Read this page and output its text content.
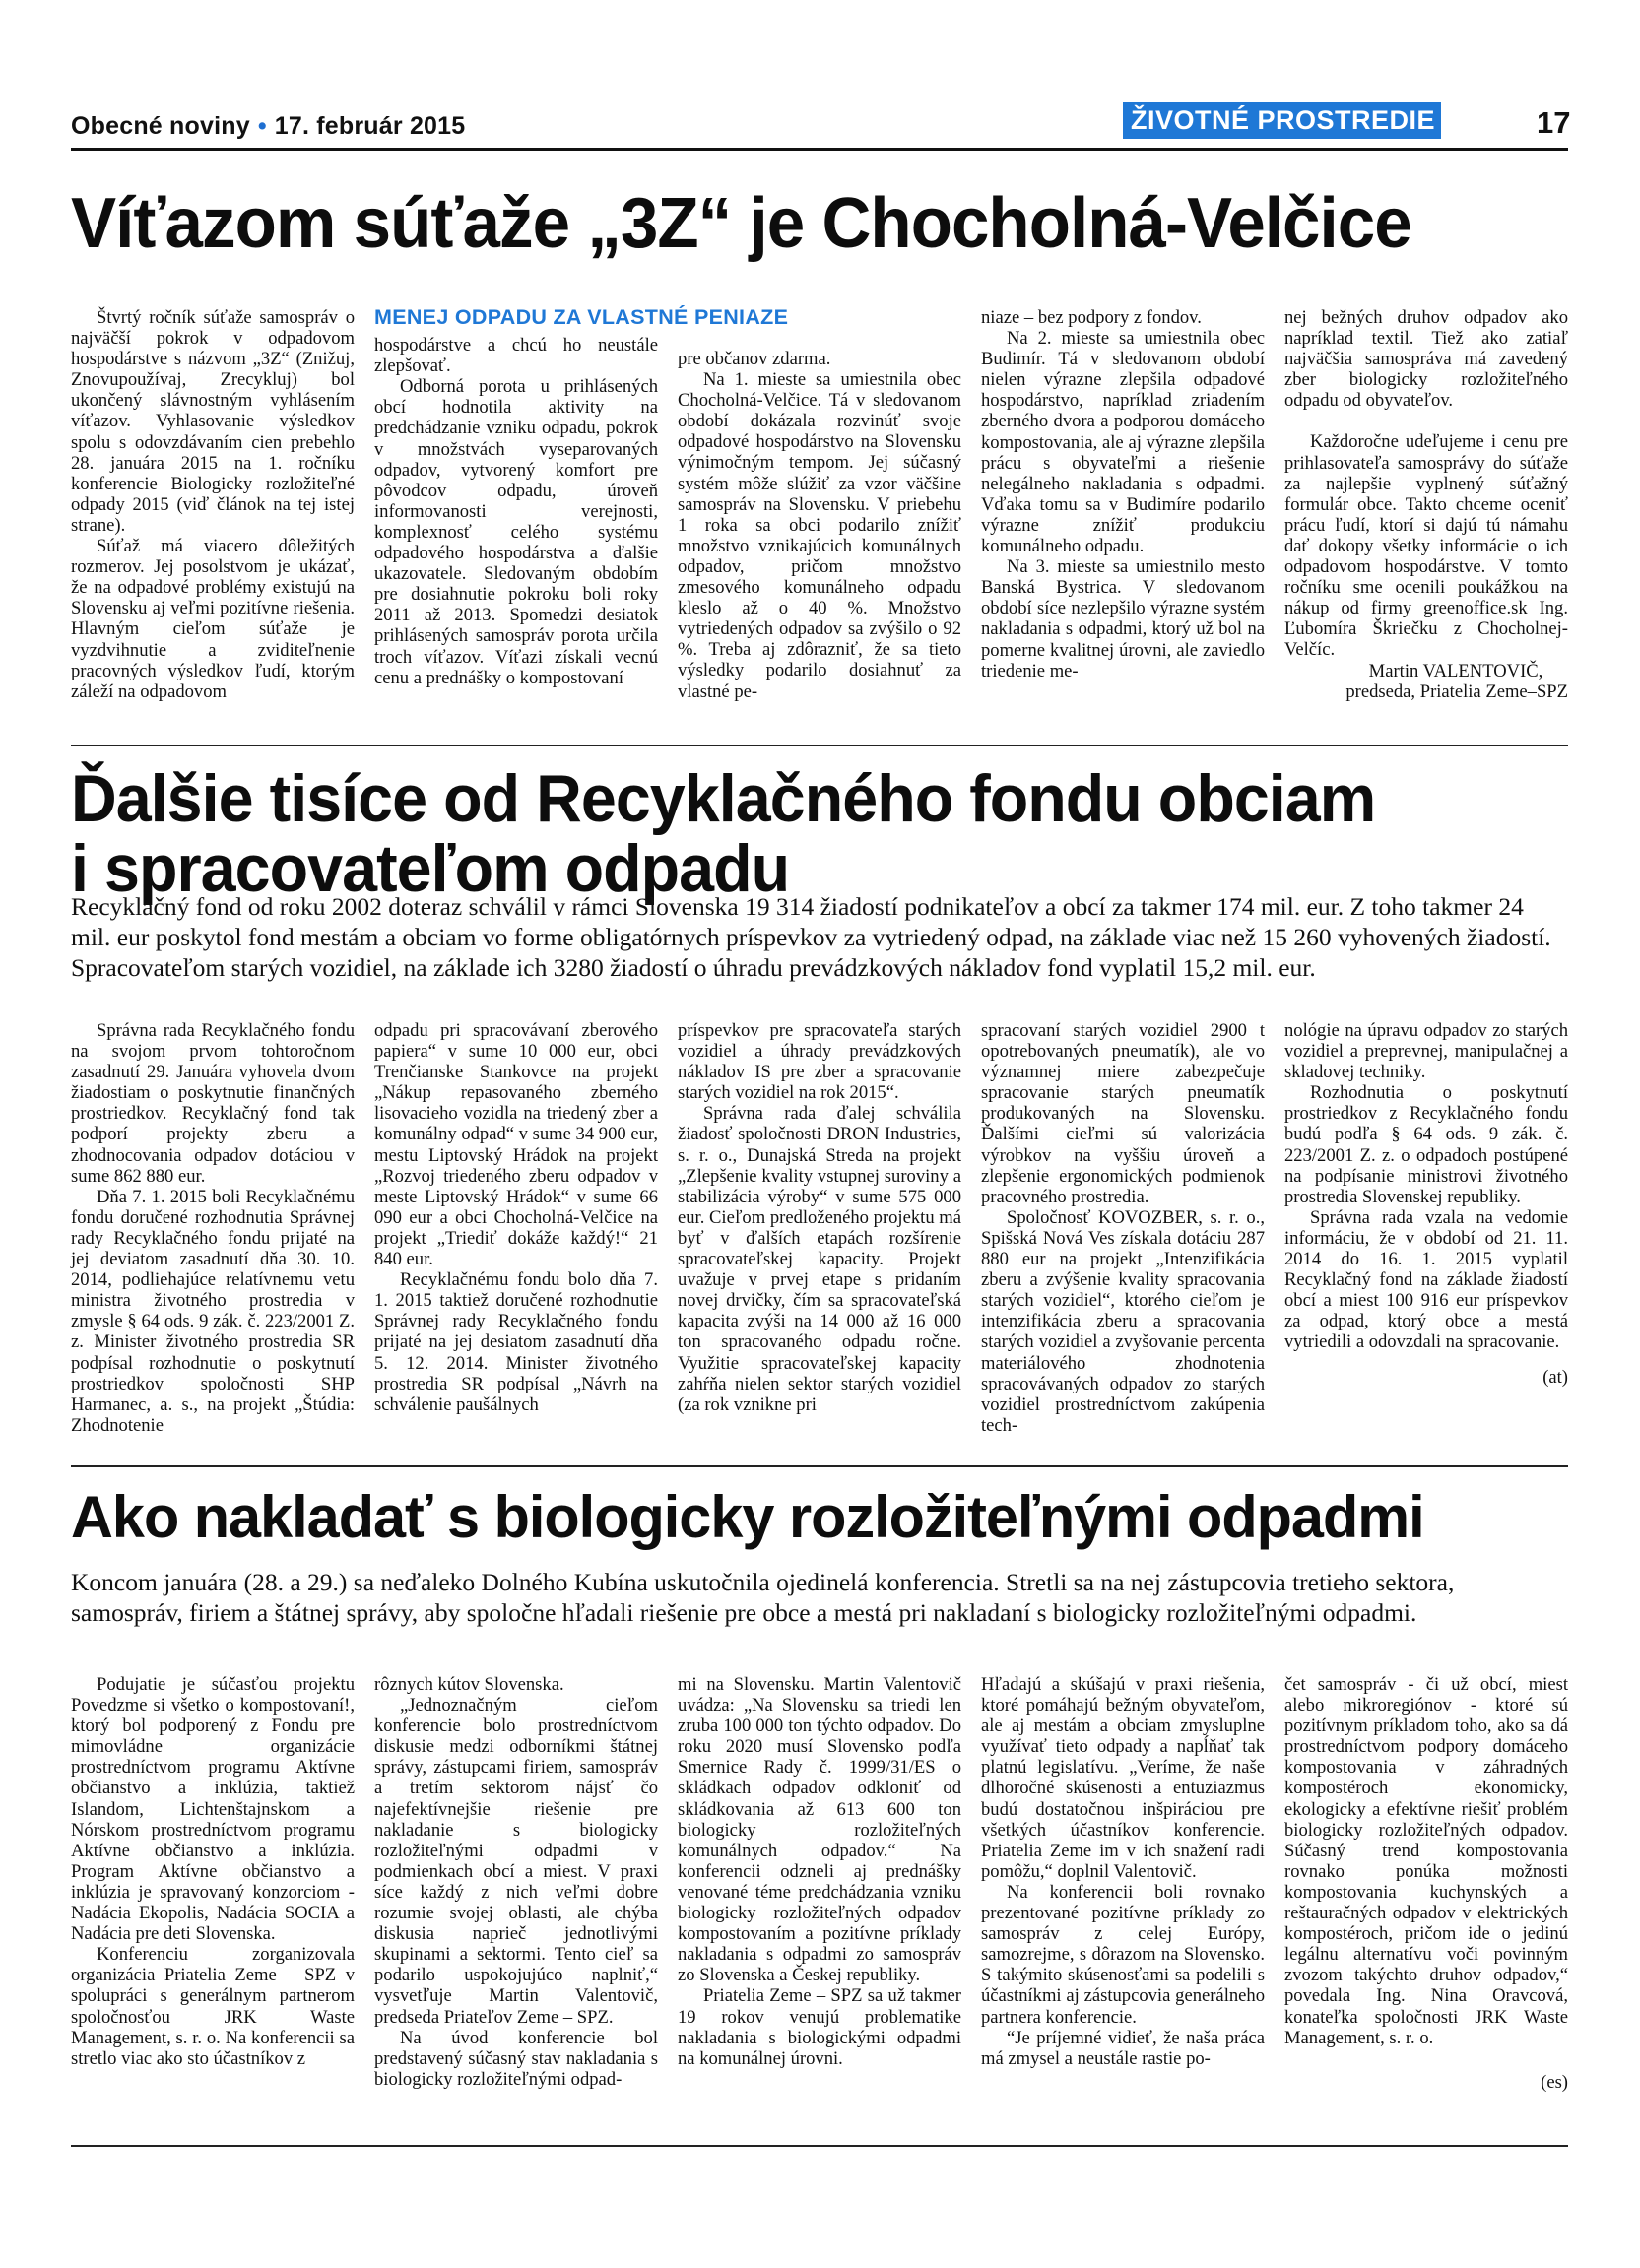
Obecné noviny • 17. február 2015	ŽIVOTNÉ PROSTREDIE	17
Víťazom súťaže „3Z“ je Chocholná-Velčice

Štvrtý ročník súťaže samospráv o najväčší pokrok v odpadovom hospodárstve s názvom „3Z“ (Znižuj, Znovupoužívaj, Zrecykluj) bol ukončený slávnostným vyhlásením víťazov. Vyhlasovanie výsledkov spolu s odovzdávaním cien prebehlo 28. januára 2015 na 1. ročníku konferencie Biologicky rozložiteľné odpady 2015 (viď článok na tej istej strane).

Súťaž má viacero dôležitých rozmerov. Jej posolstvom je ukázať, že na odpadové problémy existujú na Slovensku aj veľmi pozitívne riešenia. Hlavným cieľom súťaže je vyzdvihnutie a zviditeľnenie pracovných výsledkov ľudí, ktorým záleží na odpadovom

MENEJ ODPADU ZA VLASTNÉ PENIAZE

hospodárstve a chcú ho neustále zlepšovať.

Odborná porota u prihlásených obcí hodnotila aktivity na predchádzanie vzniku odpadu, pokrok v množstvách vyseparovaných odpadov, vytvorený komfort pre pôvodcov odpadu, úroveň informovanosti verejnosti, komplexnosť celého systému odpadového hospodárstva a ďalšie ukazovatele. Sledovaným obdobím pre dosiahnutie pokroku boli roky 2011 až 2013. Spomedzi desiatok prihlásených samospráv porota určila troch víťazov. Víťazi získali vecnú cenu a prednášky o kompostovaní

pre občanov zdarma.

Na 1. mieste sa umiestnila obec Chocholná-Velčice. Tá v sledovanom období dokázala rozvinúť svoje odpadové hospodárstvo na Slovensku výnimočným tempom. Jej súčasný systém môže slúžiť za vzor väčšine samospráv na Slovensku. V priebehu 1 roka sa obci podarilo znížiť množstvo vznikajúcich komunálnych odpadov, pričom množstvo zmesového komunálneho odpadu kleslo až o 40 %. Množstvo vytriedených odpadov sa zvýšilo o 92 %. Treba aj zdôrazniť, že sa tieto výsledky podarilo dosiahnuť za vlastné pe-

niaze – bez podpory z fondov.

Na 2. mieste sa umiestnila obec Budimír. Tá v sledovanom období nielen výrazne zlepšila odpadové hospodárstvo, napríklad zriadením zberného dvora a podporou domáceho kompostovania, ale aj výrazne zlepšila prácu s obyvateľmi a riešenie nelegálneho nakladania s odpadmi. Vďaka tomu sa v Budimíre podarilo výrazne znížiť produkciu komunálneho odpadu.

Na 3. mieste sa umiestnilo mesto Banská Bystrica. V sledovanom období síce nezlepšilo výrazne systém nakladania s odpadmi, ktorý už bol na pomerne kvalitnej úrovni, ale zaviedlo triedenie me-

nej bežných druhov odpadov ako napríklad textil. Tiež ako zatiaľ najväčšia samospráva má zavedený zber biologicky rozložiteľného odpadu od obyvateľov.

Každoročne udeľujeme i cenu pre prihlasovateľa samosprávy do súťaže za najlepšie vyplnený súťažný formulár obce. Takto chceme oceniť prácu ľudí, ktorí si dajú tú námahu dať dokopy všetky informácie o ich odpadovom hospodárstve. V tomto ročníku sme ocenili poukážkou na nákup od firmy greenoffice.sk Ing. Ľubomíra Škriečku z Chocholnej-Velčíc.

Martin VALENTOVIČ,

predseda, Priatelia Zeme–SPZ

Ďalšie tisíce od Recyklačného fondu obciam
i spracovateľom odpadu
Recyklačný fond od roku 2002 doteraz schválil v rámci Slovenska 19 314 žiadostí podnikateľov a obcí za takmer 174 mil. eur. Z toho takmer 24 mil. eur poskytol fond mestám a obciam vo forme obligatórnych príspevkov za vytriedený odpad, na základe viac než 15 260 vyhovených žiadostí. Spracovateľom starých vozidiel, na základe ich 3280 žiadostí o úhradu prevádzkových nákladov fond vyplatil 15,2 mil. eur.

Správna rada Recyklačného fondu na svojom prvom tohtoročnom zasadnutí 29. Januára vyhovela dvom žiadostiam o poskytnutie finančných prostriedkov. Recyklačný fond tak podporí projekty zberu a zhodnocovania odpadov dotáciou v sume 862 880 eur.

Dňa 7. 1. 2015 boli Recyklačnému fondu doručené rozhodnutia Správnej rady Recyklačného fondu prijaté na jej deviatom zasadnutí dňa 30. 10. 2014, podliehajúce relatívnemu vetu ministra životného prostredia v zmysle § 64 ods. 9 zák. č. 223/2001 Z. z. Minister životného prostredia SR podpísal rozhodnutie o poskytnutí prostriedkov spoločnosti SHP Harmanec, a. s., na projekt „Štúdia: Zhodnotenie

odpadu pri spracovávaní zberového papiera“ v sume 10 000 eur, obci Trenčianske Stankovce na projekt „Nákup repasovaného zberného lisovacieho vozidla na triedený zber a komunálny odpad“ v sume 34 900 eur, mestu Liptovský Hrádok na projekt „Rozvoj triedeného zberu odpadov v meste Liptovský Hrádok“ v sume 66 090 eur a obci Chocholná-Velčice na projekt „Triediť dokáže každý!“ 21 840 eur.

Recyklačnému fondu bolo dňa 7. 1. 2015 taktiež doručené rozhodnutie Správnej rady Recyklačného fondu prijaté na jej desiatom zasadnutí dňa 5. 12. 2014. Minister životného prostredia SR podpísal „Návrh na schválenie paušálnych

príspevkov pre spracovateľa starých vozidiel a úhrady prevádzkových nákladov IS pre zber a spracovanie starých vozidiel na rok 2015“.

Správna rada ďalej schválila žiadosť spoločnosti DRON Industries, s. r. o., Dunajská Streda na projekt „Zlepšenie kvality vstupnej suroviny a stabilizácia výroby“ v sume 575 000 eur. Cieľom predloženého projektu má byť v ďalších etapách rozšírenie spracovateľskej kapacity. Projekt uvažuje v prvej etape s pridaním novej drvičky, čím sa spracovateľská kapacita zvýši na 14 000 až 16 000 ton spracovaného odpadu ročne. Využitie spracovateľskej kapacity zahŕňa nielen sektor starých vozidiel (za rok vznikne pri

spracovaní starých vozidiel 2900 t opotrebovaných pneumatík), ale vo významnej miere zabezpečuje spracovanie starých pneumatík produkovaných na Slovensku. Ďalšími cieľmi sú valorizácia výrobkov na vyššiu úroveň a zlepšenie ergonomických podmienok pracovného prostredia.

Spoločnosť KOVOZBER, s. r. o., Spišská Nová Ves získala dotáciu 287 880 eur na projekt „Intenzifikácia zberu a zvýšenie kvality spracovania starých vozidiel“, ktorého cieľom je intenzifikácia zberu a spracovania starých vozidiel a zvyšovanie percenta materiálového zhodnotenia spracovávaných odpadov zo starých vozidiel prostredníctvom zakúpenia tech-

nológie na úpravu odpadov zo starých vozidiel a preprevnej, manipulačnej a skladovej techniky.

Rozhodnutia o poskytnutí prostriedkov z Recyklačného fondu budú podľa § 64 ods. 9 zák. č. 223/2001 Z. z. o odpadoch postúpené na podpísanie ministrovi životného prostredia Slovenskej republiky.

Správna rada vzala na vedomie informáciu, že v období od 21. 11. 2014 do 16. 1. 2015 vyplatil Recyklačný fond na základe žiadostí obcí a miest 100 916 eur príspevkov za odpad, ktorý obce a mestá vytriedili a odovzdali na spracovanie.

(at)

Ako nakladať s biologicky rozložiteľnými odpadmi
Koncom januára (28. a 29.) sa neďaleko Dolného Kubína uskutočnila ojedinelá konferencia. Stretli sa na nej zástupcovia tretieho sektora, samospráv, firiem a štátnej správy, aby spoločne hľadali riešenie pre obce a mestá pri nakladaní s biologicky rozložiteľnými odpadmi.

Podujatie je súčasťou projektu Povedzme si všetko o kompostovaní!, ktorý bol podporený z Fondu pre mimovládne organizácie prostredníctvom programu Aktívne občianstvo a inklúzia, taktiež Islandom, Lichtenštajnskom a Nórskom prostredníctvom programu Aktívne občianstvo a inklúzia. Program Aktívne občianstvo a inklúzia je spravovaný konzorciom - Nadácia Ekopolis, Nadácia SOCIA a Nadácia pre deti Slovenska.

Konferenciu zorganizovala organizácia Priatelia Zeme – SPZ v spolupráci s generálnym partnerom spoločnosťou JRK Waste Management, s. r. o. Na konferencii sa stretlo viac ako sto účastníkov z

rôznych kútov Slovenska.

„Jednoznačným cieľom konferencie bolo prostredníctvom diskusie medzi odborníkmi štátnej správy, zástupcami firiem, samospráv a tretím sektorom nájsť čo najefektívnejšie riešenie pre nakladanie s biologicky rozložiteľnými odpadmi v podmienkach obcí a miest. V praxi síce každý z nich veľmi dobre rozumie svojej oblasti, ale chýba diskusia naprieč jednotlivými skupinami a sektormi. Tento cieľ sa podarilo uspokojujúco naplniť,“ vysvetľuje Martin Valentovič, predseda Priateľov Zeme – SPZ.

Na úvod konferencie bol predstavený súčasný stav nakladania s biologicky rozložiteľnými odpad-

mi na Slovensku. Martin Valentovič uvádza: „Na Slovensku sa triedi len zruba 100 000 ton týchto odpadov. Do roku 2020 musí Slovensko podľa Smernice Rady č. 1999/31/ES o skládkach odpadov odkloniť od skládkovania až 613 600 ton biologicky rozložiteľných komunálnych odpadov.“ Na konferencii odzneli aj prednášky venované téme predchádzania vzniku biologicky rozložiteľných odpadov kompostovaním a pozitívne príklady nakladania s odpadmi zo samospráv zo Slovenska a Českej republiky.

Priatelia Zeme – SPZ sa už takmer 19 rokov venujú problematike nakladania s biologickými odpadmi na komunálnej úrovni.

Hľadajú a skúšajú v praxi riešenia, ktoré pomáhajú bežným obyvateľom, ale aj mestám a obciam zmysluplne využívať tieto odpady a napĺňať tak platnú legislatívu. „Veríme, že naše dlhoročné skúsenosti a entuziazmus budú dostatočnou inšpiráciou pre všetkých účastníkov konferencie. Priatelia Zeme im v ich snažení radi pomôžu,“ doplnil Valentovič.

Na konferencii boli rovnako prezentované pozitívne príklady zo samospráv z celej Európy, samozrejme, s dôrazom na Slovensko. S takýmito skúsenosťami sa podelili s účastníkmi aj zástupcovia generálneho partnera konferencie.

“Je príjemné vidieť, že naša práca má zmysel a neustále rastie po-

čet samospráv - či už obcí, miest alebo mikroregiónov - ktoré sú pozitívnym príkladom toho, ako sa dá prostredníctvom podpory domáceho kompostovania v záhradných kompostéroch ekonomicky, ekologicky a efektívne riešiť problém biologicky rozložiteľných odpadov. Súčasný trend kompostovania rovnako ponúka možnosti kompostovania kuchynských a reštauračných odpadov v elektrických kompostéroch, pričom ide o jedinú legálnu alternatívu voči povinným zvozom takýchto druhov odpadov,“ povedala Ing. Nina Oravcová, konateľka spoločnosti JRK Waste Management, s. r. o.

(es)
